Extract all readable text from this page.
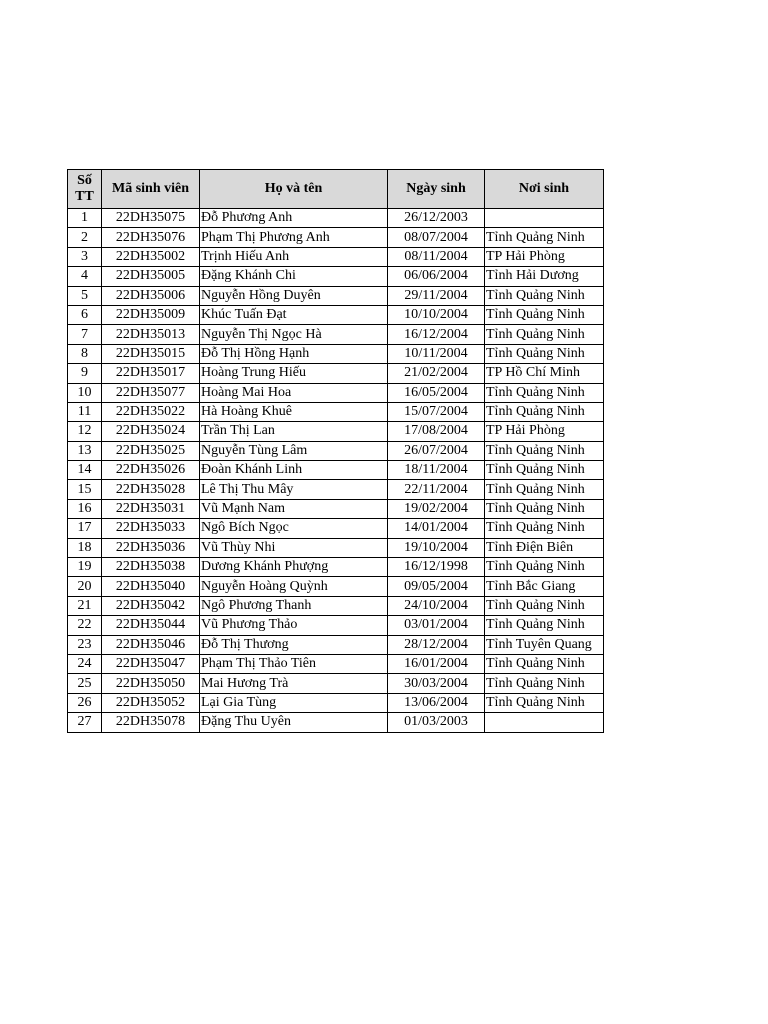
Số TT	Mã sinh viên	Họ và tên	Ngày sinh	Nơi sinh
1	22DH35075	Đỗ Phương Anh	26/12/2003	
2	22DH35076	Phạm Thị Phương Anh	08/07/2004	Tỉnh Quảng Ninh
3	22DH35002	Trịnh Hiếu Anh	08/11/2004	TP Hải Phòng
4	22DH35005	Đặng Khánh Chi	06/06/2004	Tỉnh Hải Dương
5	22DH35006	Nguyễn Hồng Duyên	29/11/2004	Tỉnh Quảng Ninh
6	22DH35009	Khúc Tuấn Đạt	10/10/2004	Tỉnh Quảng Ninh
7	22DH35013	Nguyễn Thị Ngọc Hà	16/12/2004	Tỉnh Quảng Ninh
8	22DH35015	Đỗ Thị Hồng Hạnh	10/11/2004	Tỉnh Quảng Ninh
9	22DH35017	Hoàng Trung Hiếu	21/02/2004	TP Hồ Chí Minh
10	22DH35077	Hoàng Mai Hoa	16/05/2004	Tỉnh Quảng Ninh
11	22DH35022	Hà Hoàng Khuê	15/07/2004	Tỉnh Quảng Ninh
12	22DH35024	Trần Thị Lan	17/08/2004	TP Hải Phòng
13	22DH35025	Nguyễn Tùng Lâm	26/07/2004	Tỉnh Quảng Ninh
14	22DH35026	Đoàn Khánh Linh	18/11/2004	Tỉnh Quảng Ninh
15	22DH35028	Lê Thị Thu Mây	22/11/2004	Tỉnh Quảng Ninh
16	22DH35031	Vũ Mạnh Nam	19/02/2004	Tỉnh Quảng Ninh
17	22DH35033	Ngô Bích Ngọc	14/01/2004	Tỉnh Quảng Ninh
18	22DH35036	Vũ Thùy Nhi	19/10/2004	Tỉnh Điện Biên
19	22DH35038	Dương Khánh Phượng	16/12/1998	Tỉnh Quảng Ninh
20	22DH35040	Nguyễn Hoàng Quỳnh	09/05/2004	Tỉnh Bắc Giang
21	22DH35042	Ngô Phương Thanh	24/10/2004	Tỉnh Quảng Ninh
22	22DH35044	Vũ Phương Thảo	03/01/2004	Tỉnh Quảng Ninh
23	22DH35046	Đỗ Thị Thương	28/12/2004	Tỉnh Tuyên Quang
24	22DH35047	Phạm Thị Thảo Tiên	16/01/2004	Tỉnh Quảng Ninh
25	22DH35050	Mai Hương Trà	30/03/2004	Tỉnh Quảng Ninh
26	22DH35052	Lại Gia Tùng	13/06/2004	Tỉnh Quảng Ninh
27	22DH35078	Đặng Thu Uyên	01/03/2003	
